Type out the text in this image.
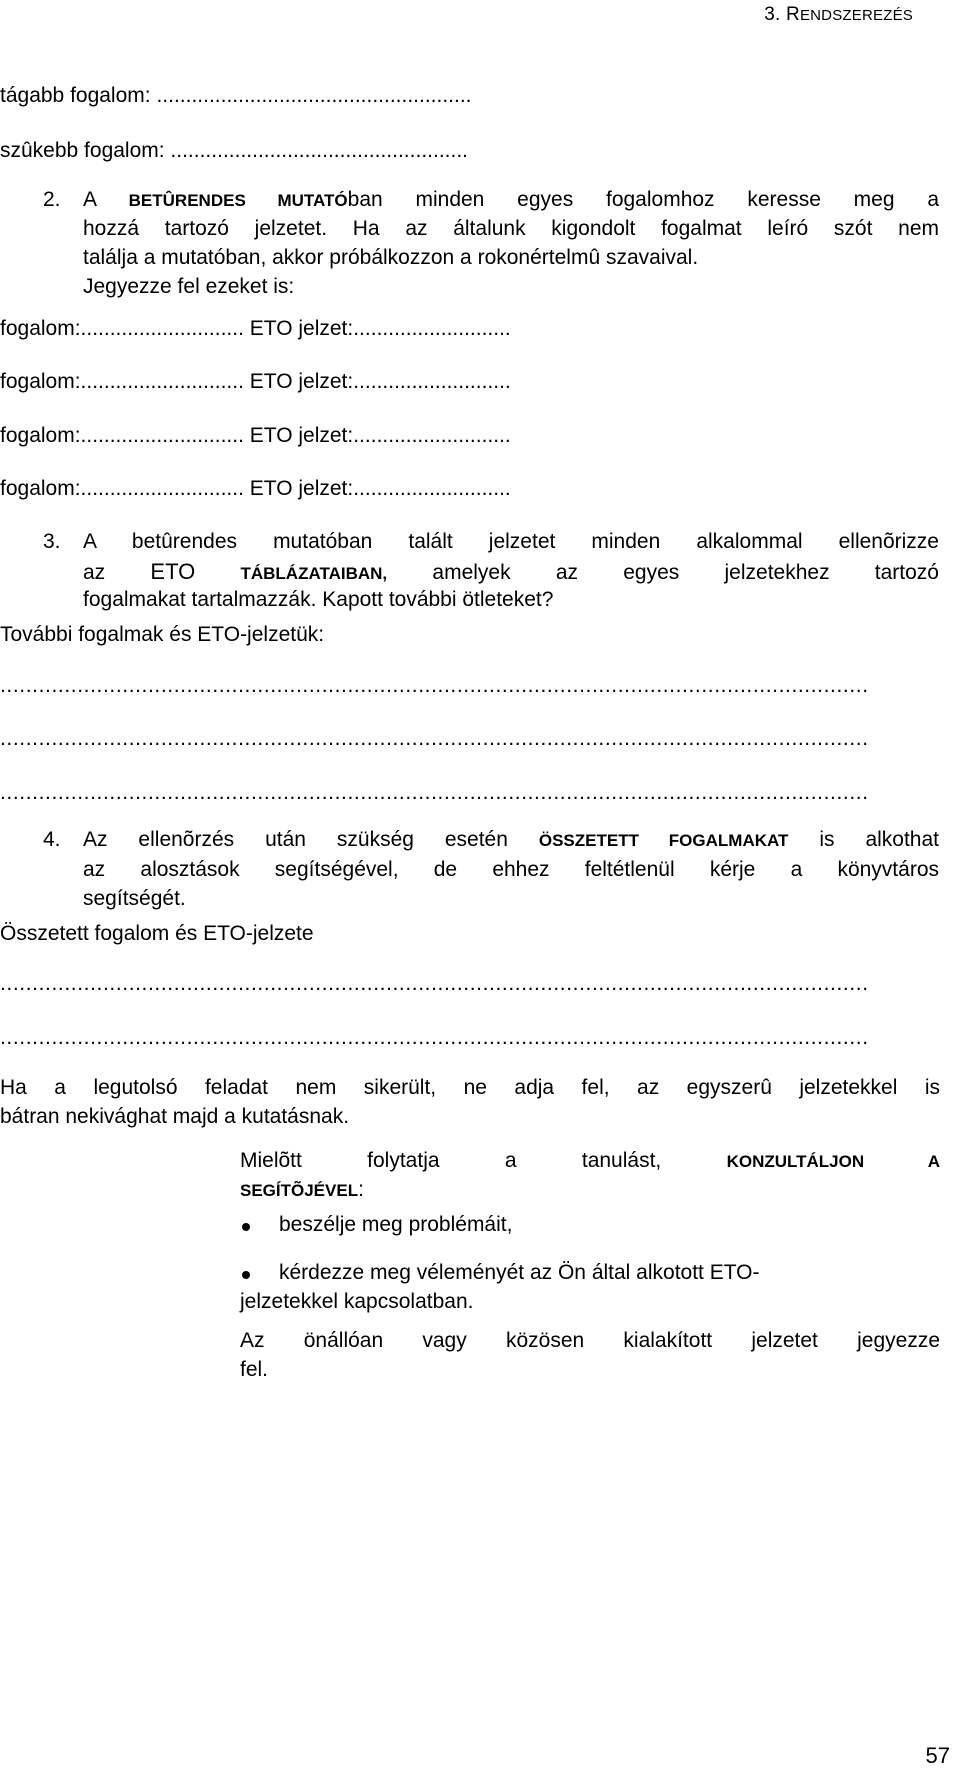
3. RENDSZEREZÉS
tágabb fogalom: ......................................................
szûkebb fogalom: ...................................................
2. A BETÛRENDES MUTATÓban minden egyes fogalomhoz keresse meg a
hozzá tartozó jelzetet. Ha az általunk kigondolt fogalmat leíró szót nem
találja a mutatóban, akkor próbálkozzon a rokonértelmû szavaival.
Jegyezze fel ezeket is:
fogalom:............................ ETO jelzet:...........................
fogalom:............................ ETO jelzet:...........................
fogalom:............................ ETO jelzet:...........................
fogalom:............................ ETO jelzet:...........................
3. A betûrendes mutatóban talált jelzetet minden alkalommal ellenõrizze
az ETO	TÁBLÁZATAIBAN, amelyek az egyes jelzetekhez tartozó
fogalmakat tartalmazzák. Kapott további ötleteket?
További fogalmak és ETO-jelzetük:
.......................................................................................................................................
.......................................................................................................................................
.......................................................................................................................................
4. Az ellenõrzés után szükség esetén ÖSSZETETT FOGALMAKAT is alkothat
az alosztások segítségével, de ehhez feltétlenül kérje a könyvtáros
segítségét.
Összetett fogalom és ETO-jelzete
.......................................................................................................................................
.......................................................................................................................................
Ha a legutolsó feladat nem sikerült, ne adja fel, az egyszerû jelzetekkel is
bátran nekivághat majd a kutatásnak.
Mielõtt folytatja a tanulást,	KONZULTÁLJON A
SEGÍTÕJÉVEL:
beszélje meg problémáit,
kérdezze meg véleményét az Ön által alkotott ETO-
jelzetekkel kapcsolatban.
Az önállóan vagy közösen kialakított jelzetet jegyezze
fel.
57
